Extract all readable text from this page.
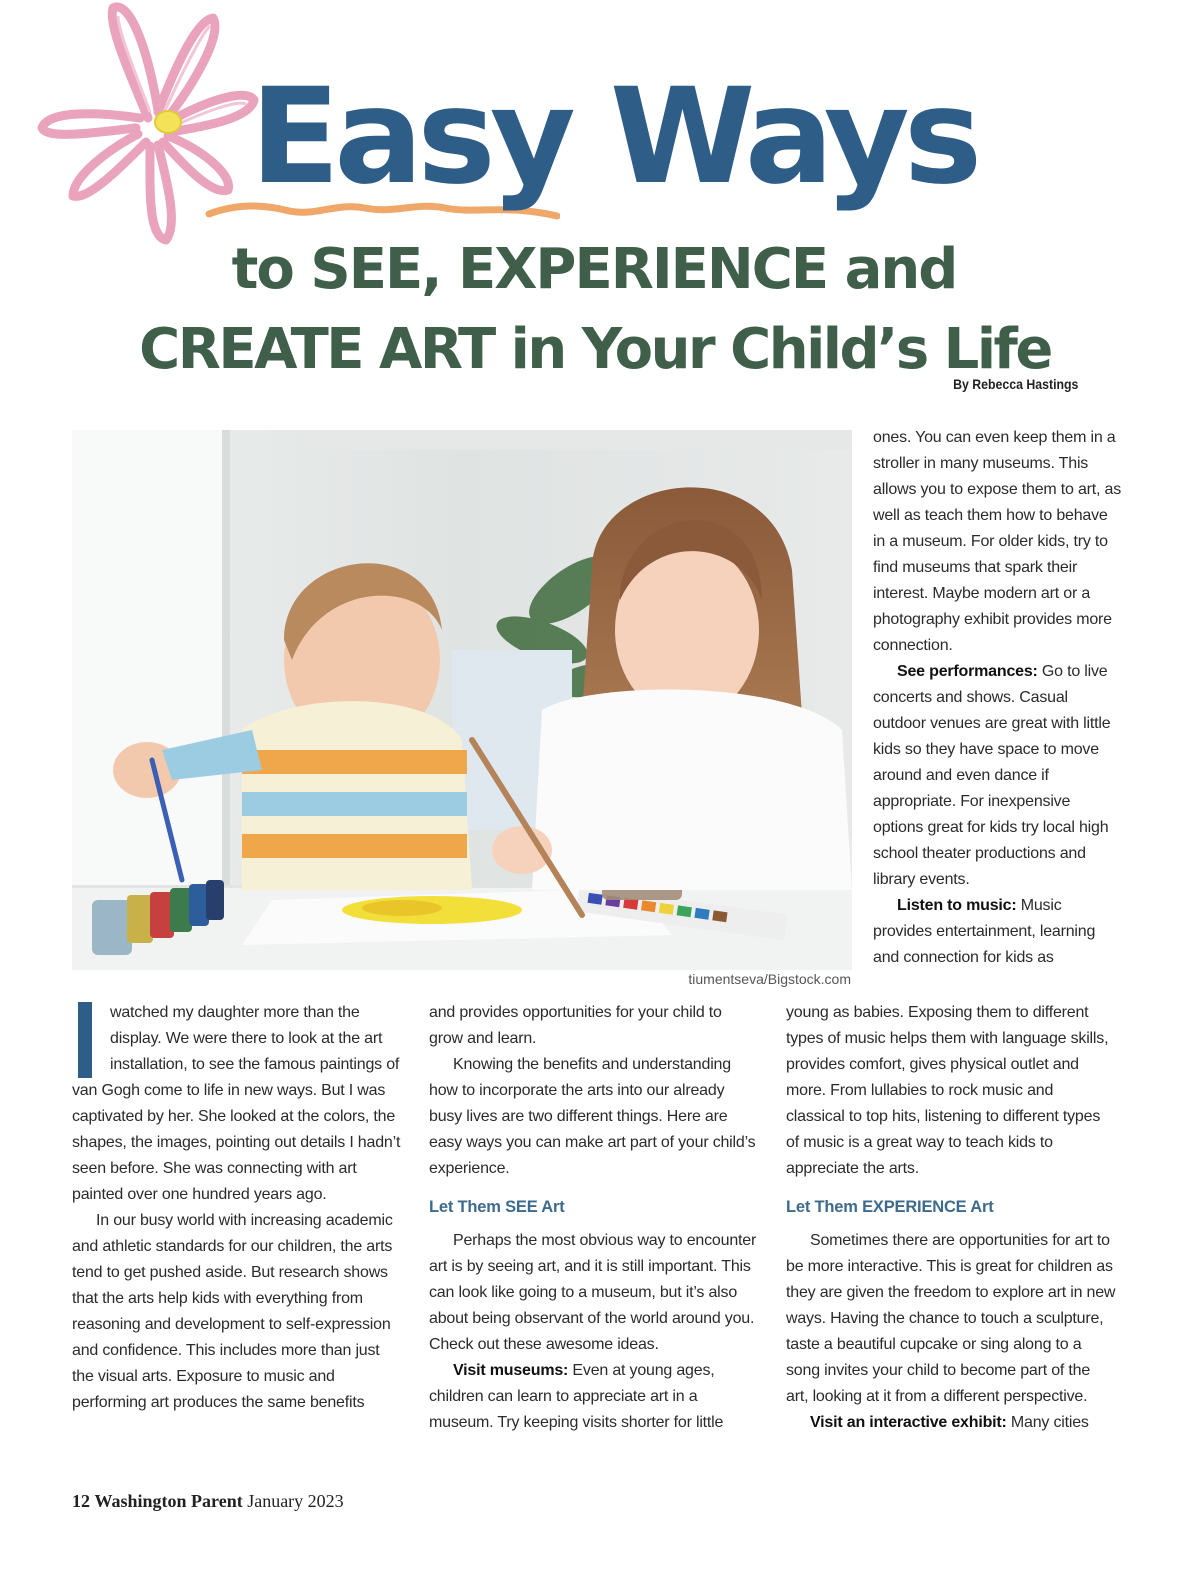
Easy Ways
to SEE, EXPERIENCE and
CREATE ART in Your Child’s Life
By Rebecca Hastings
tiumentseva/Bigstock.com

ones. You can even keep them in a stroller in many museums. This allows you to expose them to art, as well as teach them how to behave in a museum. For older kids, try to find museums that spark their interest. Maybe modern art or a photography exhibit provides more connection.

See performances: Go to live concerts and shows. Casual outdoor venues are great with little kids so they have space to move around and even dance if appropriate. For inexpensive options great for kids try local high school theater productions and library events.

Listen to music: Music provides entertainment, learning and connection for kids as

watched my daughter more than the display. We were there to look at the art installation, to see the famous paintings of van Gogh come to life in new ways. But I was captivated by her. She looked at the colors, the shapes, the images, pointing out details I hadn’t seen before. She was connecting with art painted over one hundred years ago.

In our busy world with increasing academic and athletic standards for our children, the arts tend to get pushed aside. But research shows that the arts help kids with everything from reasoning and development to self-expression and confidence. This includes more than just the visual arts. Exposure to music and performing art produces the same benefits

and provides opportunities for your child to grow and learn.

Knowing the benefits and understanding how to incorporate the arts into our already busy lives are two different things. Here are easy ways you can make art part of your child’s experience.

Let Them SEE Art

Perhaps the most obvious way to encounter art is by seeing art, and it is still important. This can look like going to a museum, but it’s also about being observant of the world around you. Check out these awesome ideas.

Visit museums: Even at young ages, children can learn to appreciate art in a museum. Try keeping visits shorter for little

young as babies. Exposing them to different types of music helps them with language skills, provides comfort, gives physical outlet and more. From lullabies to rock music and classical to top hits, listening to different types of music is a great way to teach kids to appreciate the arts.

Let Them EXPERIENCE Art

Sometimes there are opportunities for art to be more interactive. This is great for children as they are given the freedom to explore art in new ways. Having the chance to touch a sculpture, taste a beautiful cupcake or sing along to a song invites your child to become part of the art, looking at it from a different perspective.

Visit an interactive exhibit: Many cities

12 Washington Parent January 2023
